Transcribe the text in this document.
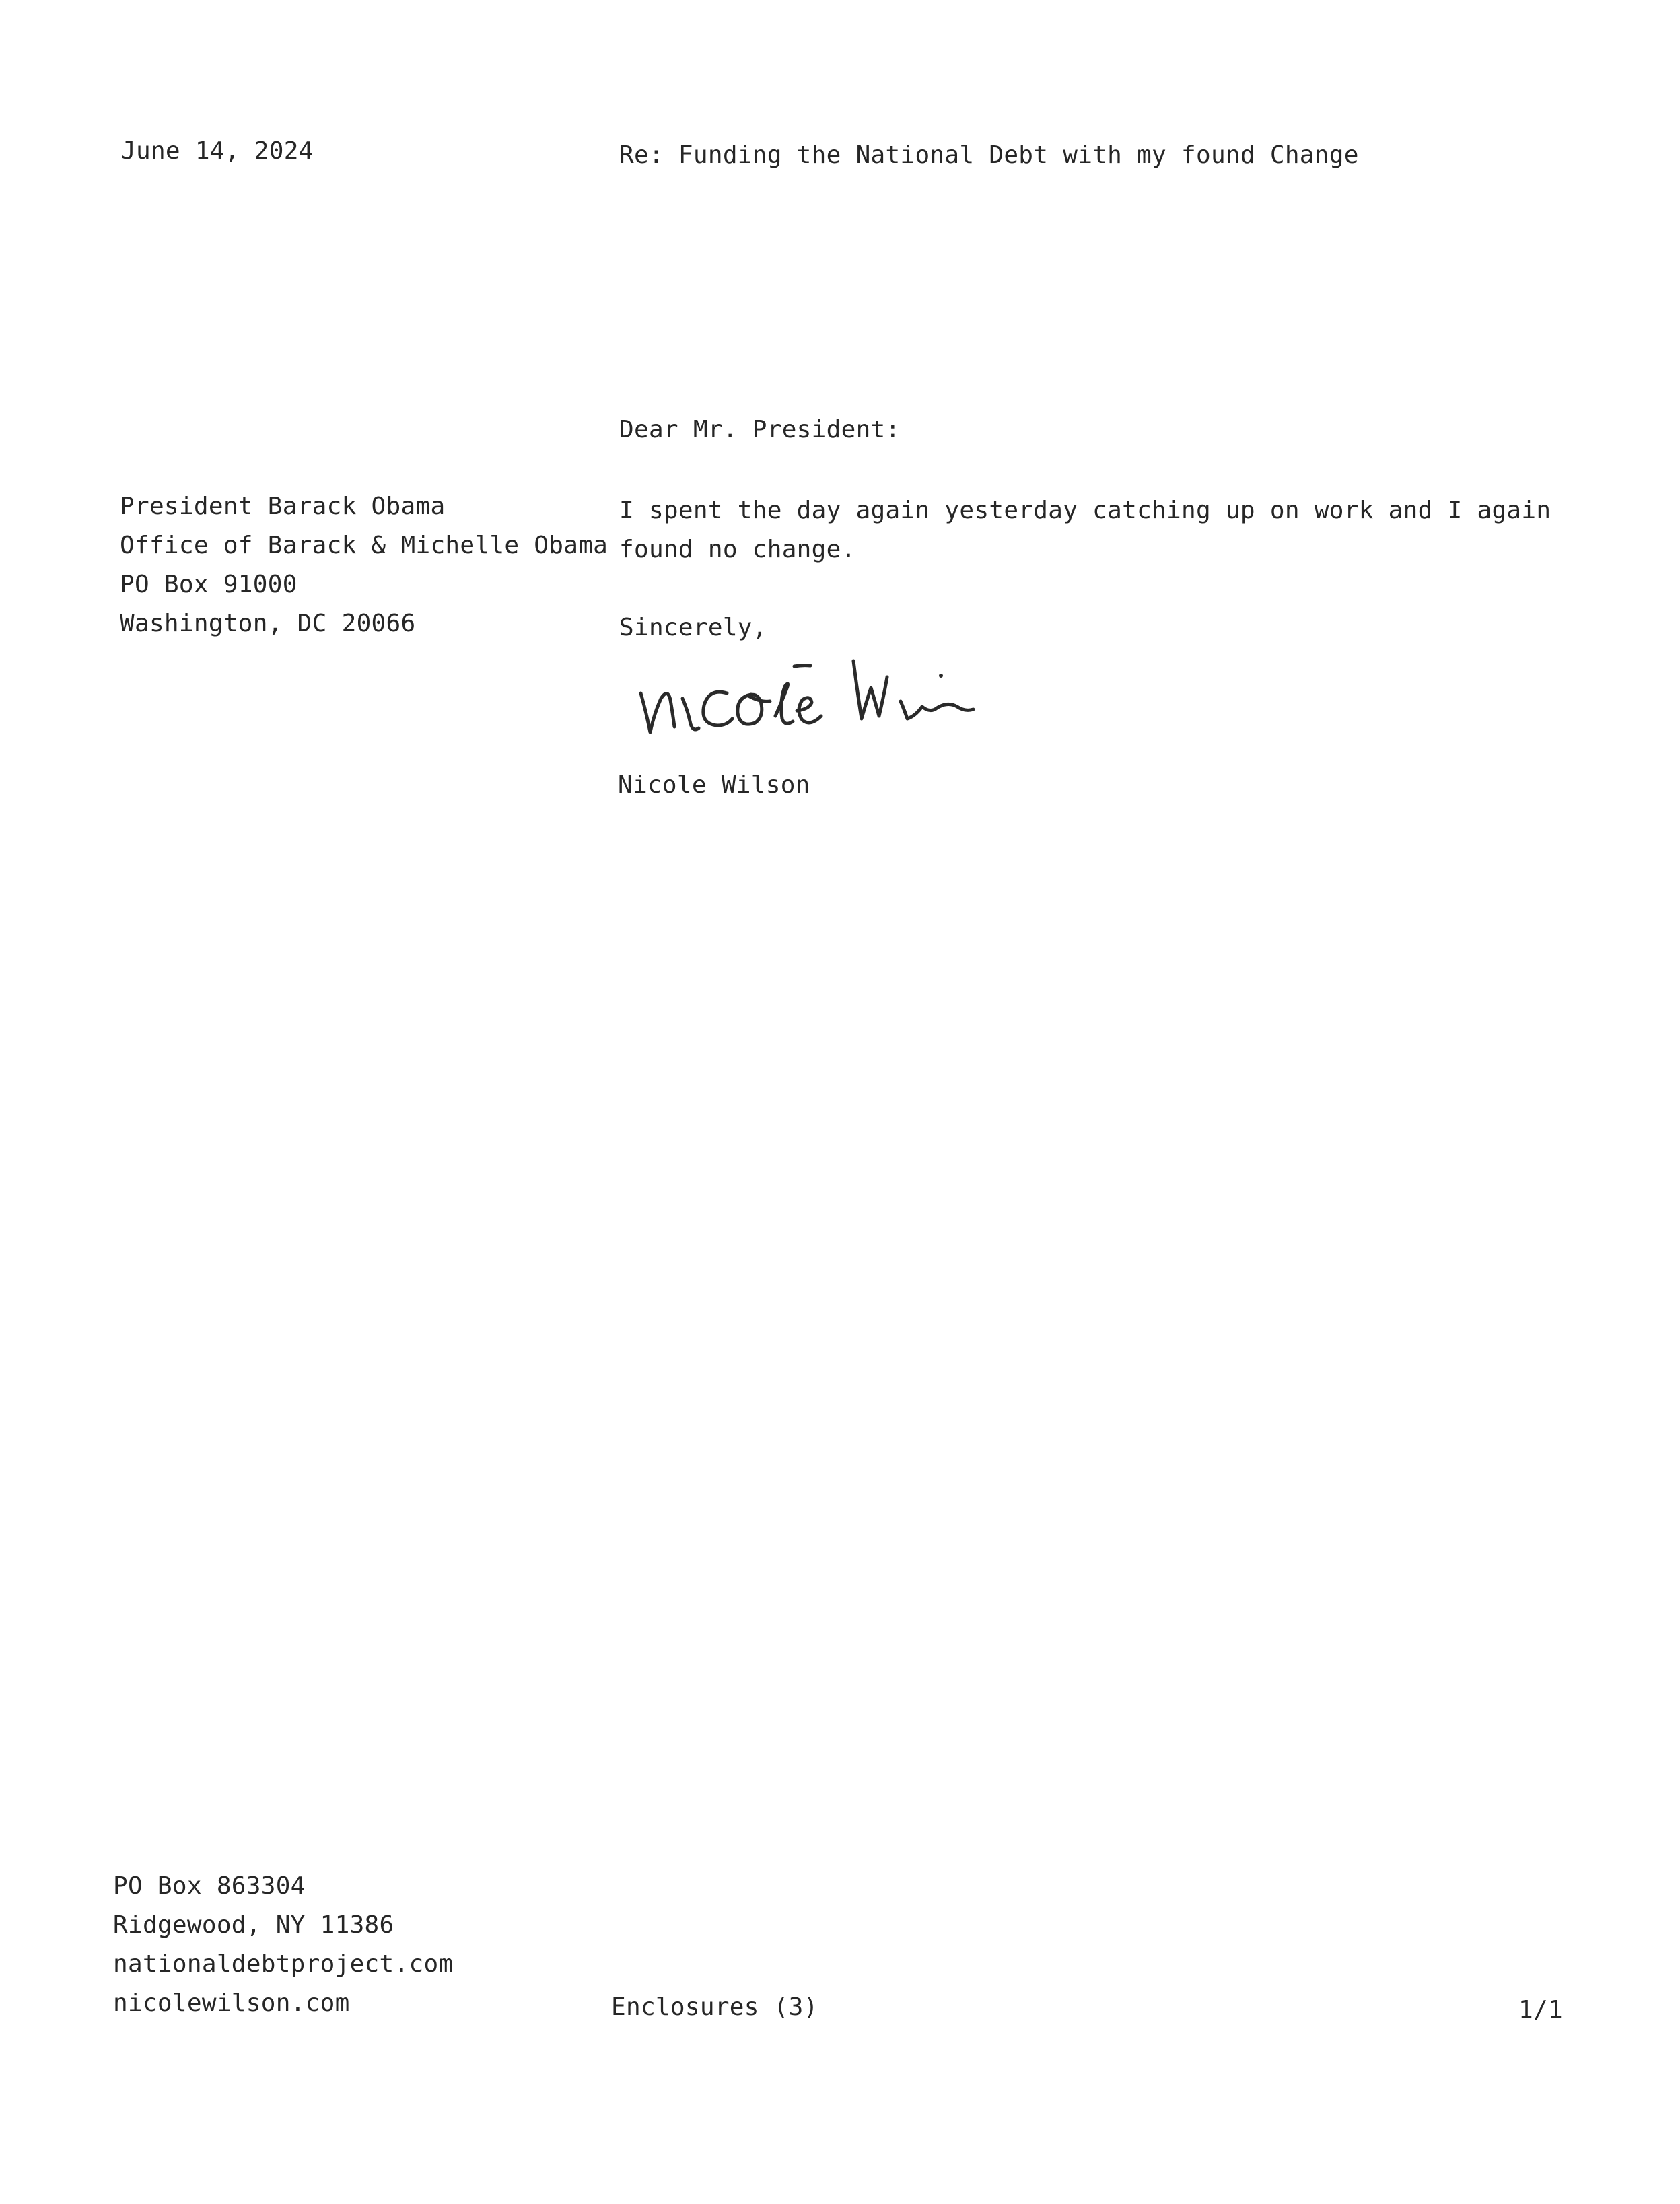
June 14, 2024	Re: Funding the National Debt with my found Change
Dear Mr. President:
President Barack Obama
Office of Barack & Michelle Obama
PO Box 91000
Washington, DC 20066
I spent the day again yesterday catching up on work and I again
found no change.
Sincerely,
Nicole Wilson
PO Box 863304
Ridgewood, NY 11386
nationaldebtproject.com
nicolewilson.com	Enclosures (3)	1/1
